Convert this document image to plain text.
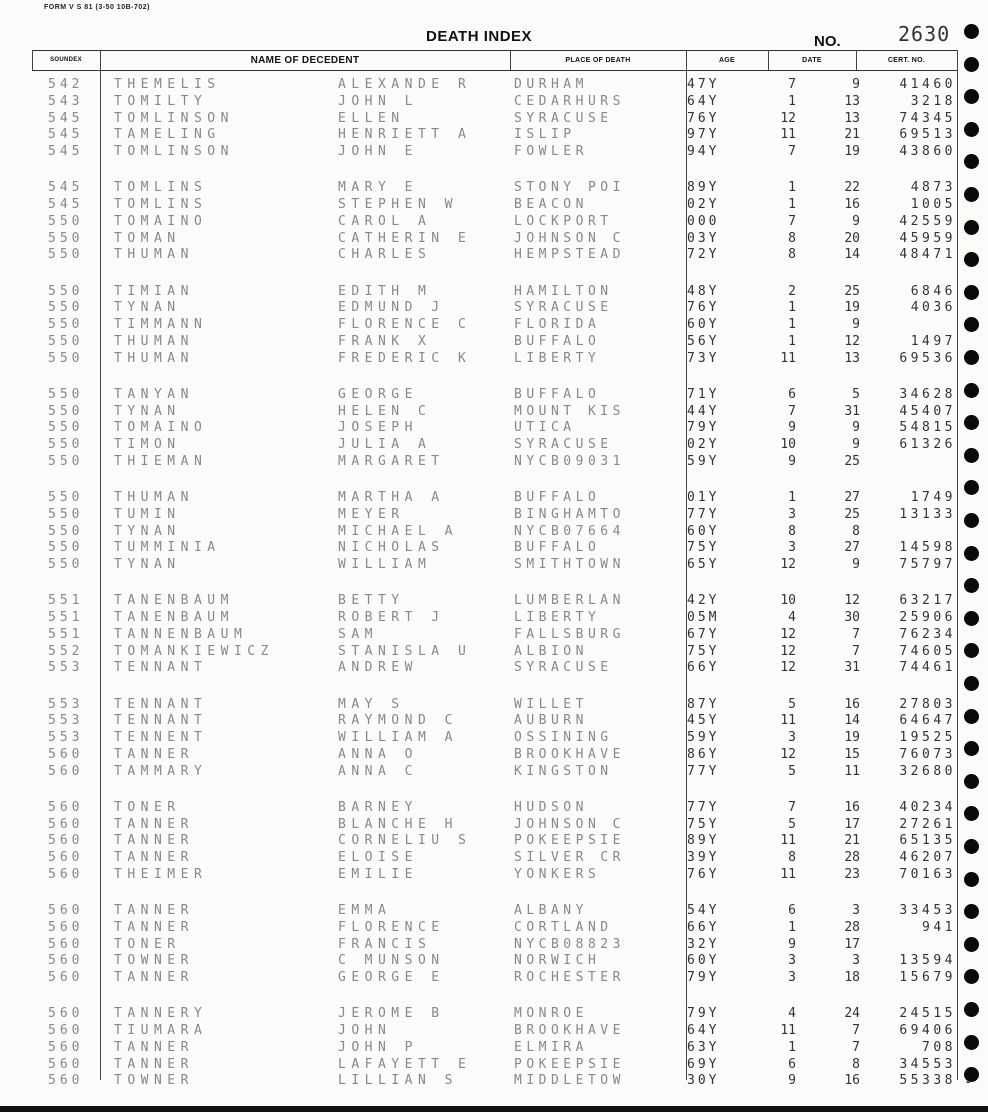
FORM V S 81 (3-50 10B-702)
DEATH INDEX	NO.	2630
SOUNDEX	NAME OF DECEDENT	PLACE OF DEATH	AGE	DATE	CERT. NO.
542 THEMELIS	ALEXANDE R	DURHAM	47Y	7	9	41460
543 TOMILTY	JOHN L	CEDARHURS	64Y	1	13	3218
545 TOMLINSON	ELLEN	SYRACUSE	76Y	12	13	74345
545 TAMELING	HENRIETT A	ISLIP	97Y	11	21	69513
545 TOMLINSON	JOHN E	FOWLER	94Y	7	19	43860
545 TOMLINS	MARY E	STONY POI	89Y	1	22	4873
545 TOMLINS	STEPHEN W	BEACON	02Y	1	16	1005
550 TOMAINO	CAROL A	LOCKPORT	000	7	9	42559
550 TOMAN	CATHERIN E	JOHNSON C	03Y	8	20	45959
550 THUMAN	CHARLES	HEMPSTEAD	72Y	8	14	48471
550 TIMIAN	EDITH M	HAMILTON	48Y	2	25	6846
550 TYNAN	EDMUND J	SYRACUSE	76Y	1	19	4036
550 TIMMANN	FLORENCE C	FLORIDA	60Y	1	9
550 THUMAN	FRANK X	BUFFALO	56Y	1	12	1497
550 THUMAN	FREDERIC K	LIBERTY	73Y	11	13	69536
550 TANYAN	GEORGE	BUFFALO	71Y	6	5	34628
550 TYNAN	HELEN C	MOUNT KIS	44Y	7	31	45407
550 TOMAINO	JOSEPH	UTICA	79Y	9	9	54815
550 TIMON	JULIA A	SYRACUSE	02Y	10	9	61326
550 THIEMAN	MARGARET	NYCB09031	59Y	9	25
550 THUMAN	MARTHA A	BUFFALO	01Y	1	27	1749
550 TUMIN	MEYER	BINGHAMTO	77Y	3	25	13133
550 TYNAN	MICHAEL A	NYCB07664	60Y	8	8
550 TUMMINIA	NICHOLAS	BUFFALO	75Y	3	27	14598
550 TYNAN	WILLIAM	SMITHTOWN	65Y	12	9	75797
551 TANENBAUM	BETTY	LUMBERLAN	42Y	10	12	63217
551 TANENBAUM	ROBERT J	LIBERTY	05M	4	30	25906
551 TANNENBAUM	SAM	FALLSBURG	67Y	12	7	76234
552 TOMANKIEWICZ	STANISLA U	ALBION	75Y	12	7	74605
553 TENNANT	ANDREW	SYRACUSE	66Y	12	31	74461
553 TENNANT	MAY S	WILLET	87Y	5	16	27803
553 TENNANT	RAYMOND C	AUBURN	45Y	11	14	64647
553 TENNENT	WILLIAM A	OSSINING	59Y	3	19	19525
560 TANNER	ANNA O	BROOKHAVE	86Y	12	15	76073
560 TAMMARY	ANNA C	KINGSTON	77Y	5	11	32680
560 TONER	BARNEY	HUDSON	77Y	7	16	40234
560 TANNER	BLANCHE H	JOHNSON C	75Y	5	17	27261
560 TANNER	CORNELIU S	POKEEPSIE	89Y	11	21	65135
560 TANNER	ELOISE	SILVER CR	39Y	8	28	46207
560 THEIMER	EMILIE	YONKERS	76Y	11	23	70163
560 TANNER	EMMA	ALBANY	54Y	6	3	33453
560 TANNER	FLORENCE	CORTLAND	66Y	1	28	941
560 TONER	FRANCIS	NYCB08823	32Y	9	17
560 TOWNER	C MUNSON	NORWICH	60Y	3	3	13594
560 TANNER	GEORGE E	ROCHESTER	79Y	3	18	15679
560 TANNERY	JEROME B	MONROE	79Y	4	24	24515
560 TIUMARA	JOHN	BROOKHAVE	64Y	11	7	69406
560 TANNER	JOHN P	ELMIRA	63Y	1	7	708
560 TANNER	LAFAYETT E	POKEEPSIE	69Y	6	8	34553
560 TOWNER	LILLIAN S	MIDDLETOW	30Y	9	16	55338 3
